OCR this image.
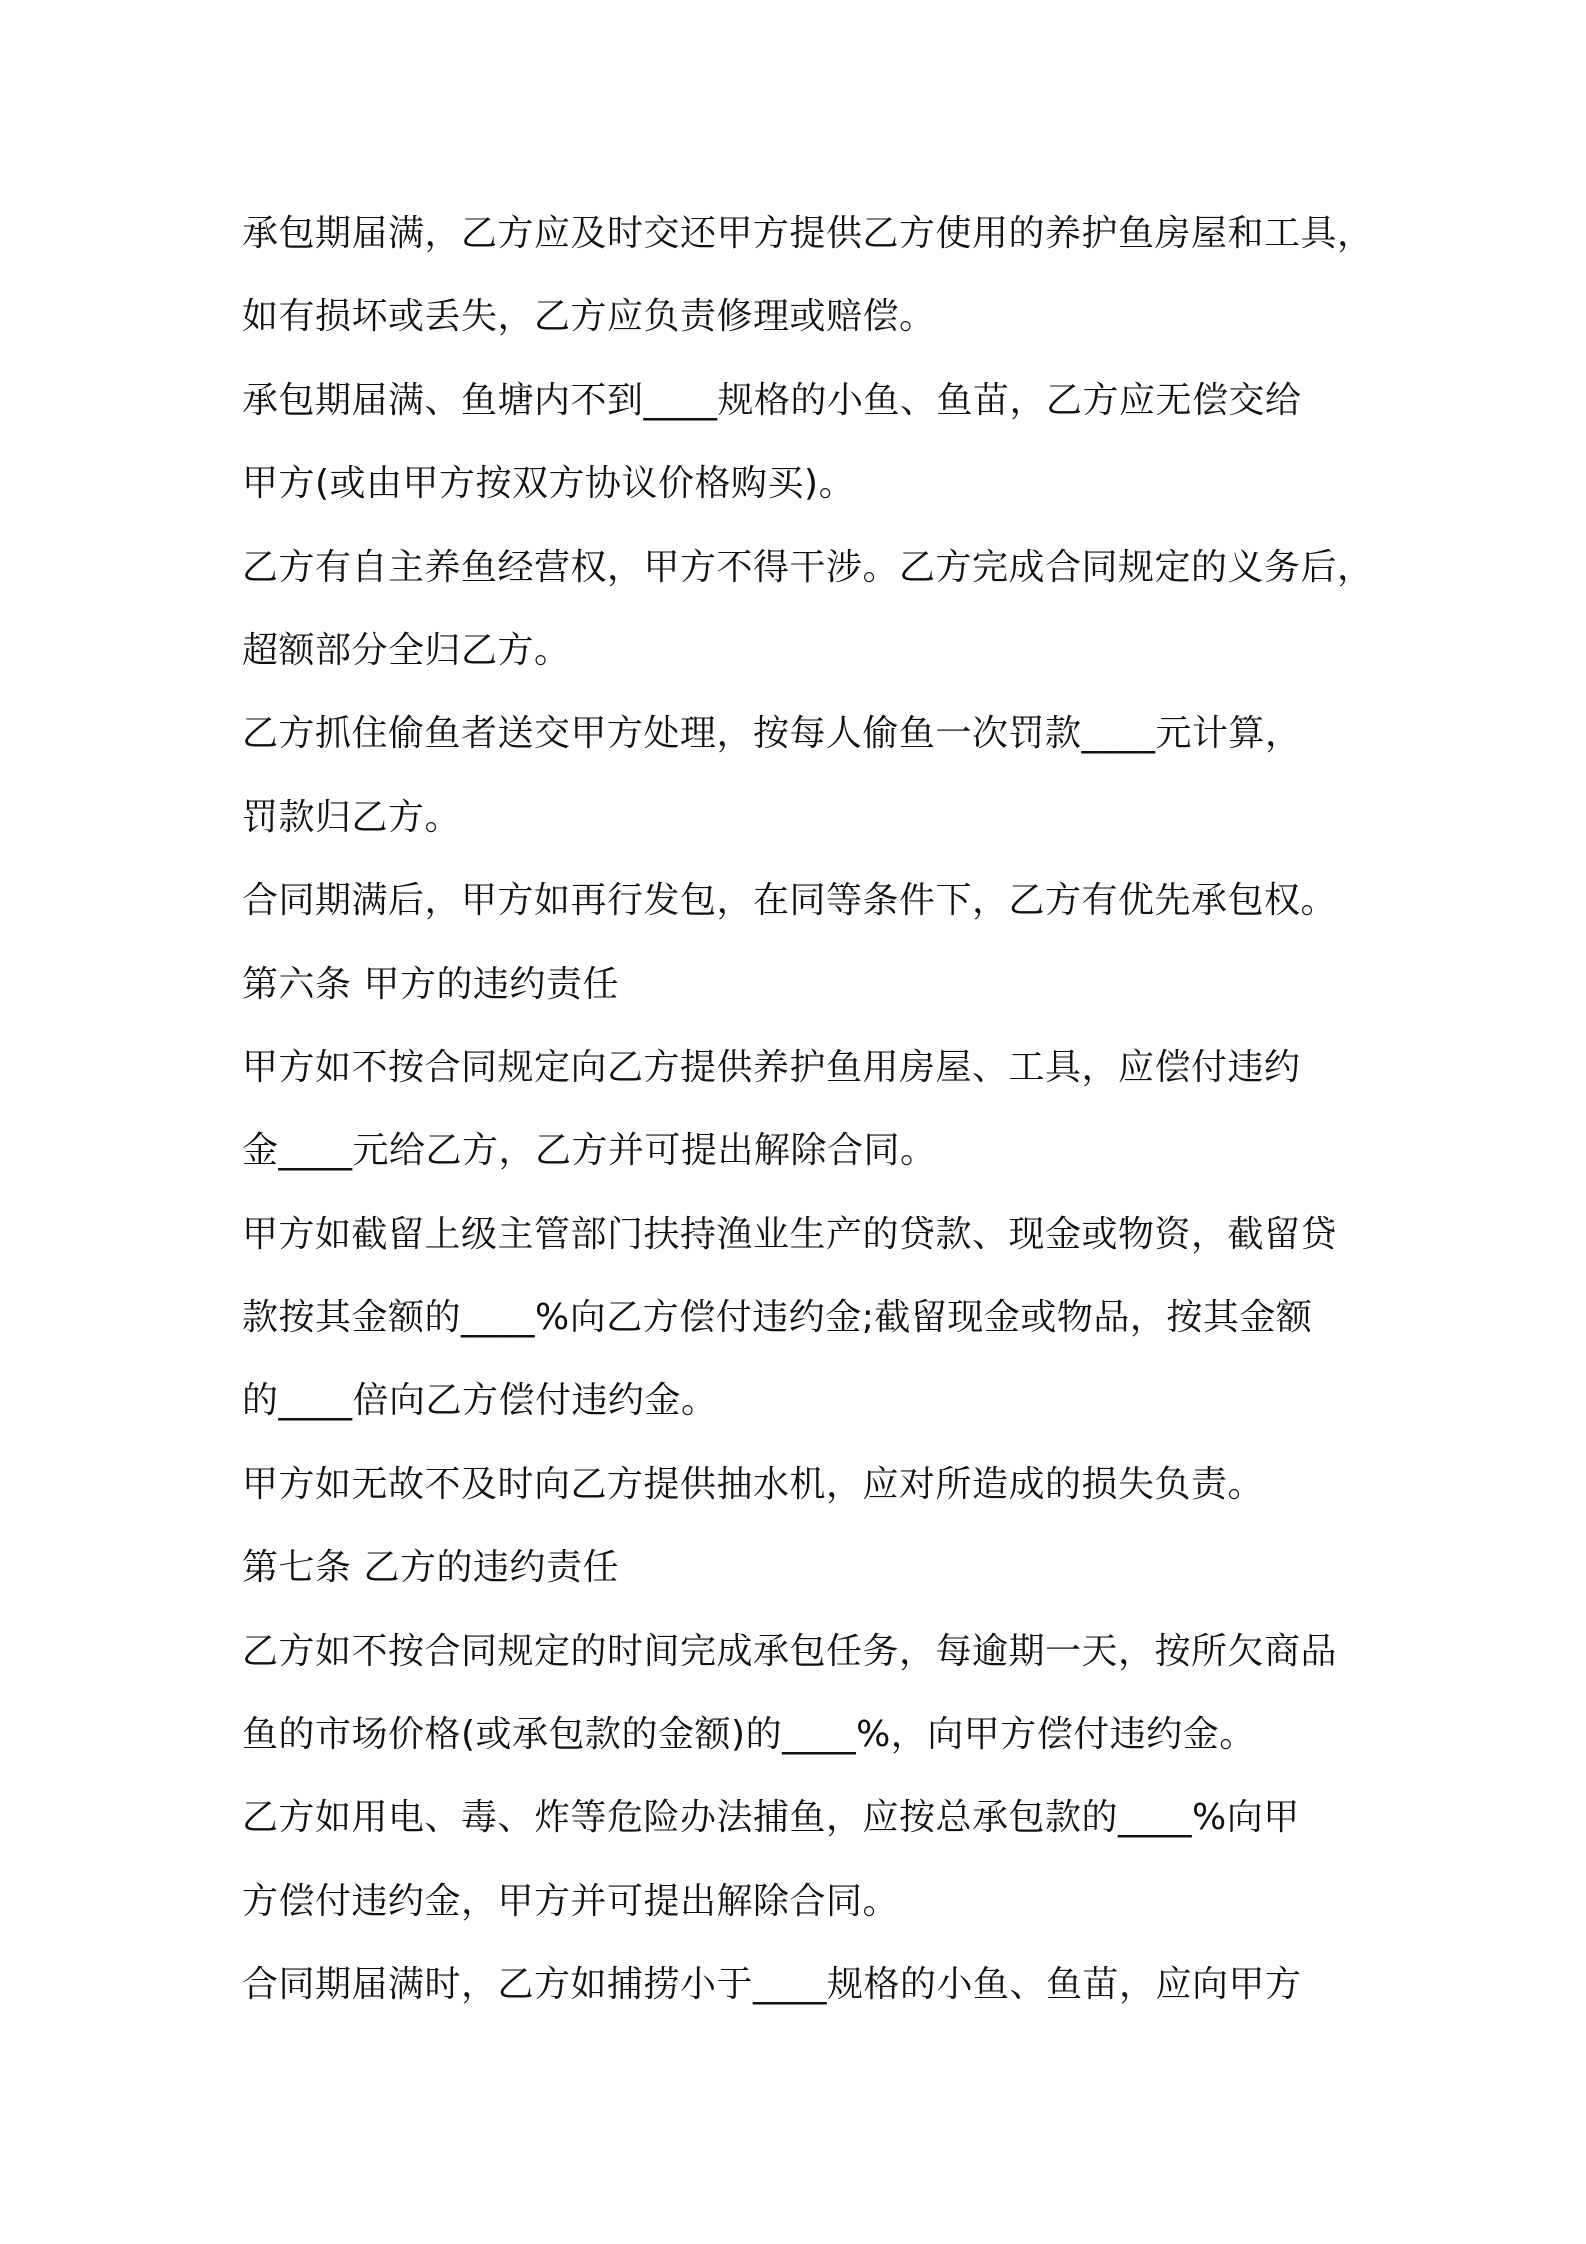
承包期届满，乙方应及时交还甲方提供乙方使用的养护鱼房屋和工具，
如有损坏或丢失，乙方应负责修理或赔偿。
承包期届满、鱼塘内不到____规格的小鱼、鱼苗，乙方应无偿交给
甲方(或由甲方按双方协议价格购买)。
乙方有自主养鱼经营权，甲方不得干涉。乙方完成合同规定的义务后，
超额部分全归乙方。
乙方抓住偷鱼者送交甲方处理，按每人偷鱼一次罚款____元计算，
罚款归乙方。
合同期满后，甲方如再行发包，在同等条件下，乙方有优先承包权。
第六条 甲方的违约责任
甲方如不按合同规定向乙方提供养护鱼用房屋、工具，应偿付违约
金____元给乙方，乙方并可提出解除合同。
甲方如截留上级主管部门扶持渔业生产的贷款、现金或物资，截留贷
款按其金额的____%向乙方偿付违约金;截留现金或物品，按其金额
的____倍向乙方偿付违约金。
甲方如无故不及时向乙方提供抽水机，应对所造成的损失负责。
第七条 乙方的违约责任
乙方如不按合同规定的时间完成承包任务，每逾期一天，按所欠商品
鱼的市场价格(或承包款的金额)的____%，向甲方偿付违约金。
乙方如用电、毒、炸等危险办法捕鱼，应按总承包款的____%向甲
方偿付违约金，甲方并可提出解除合同。
合同期届满时，乙方如捕捞小于____规格的小鱼、鱼苗，应向甲方
